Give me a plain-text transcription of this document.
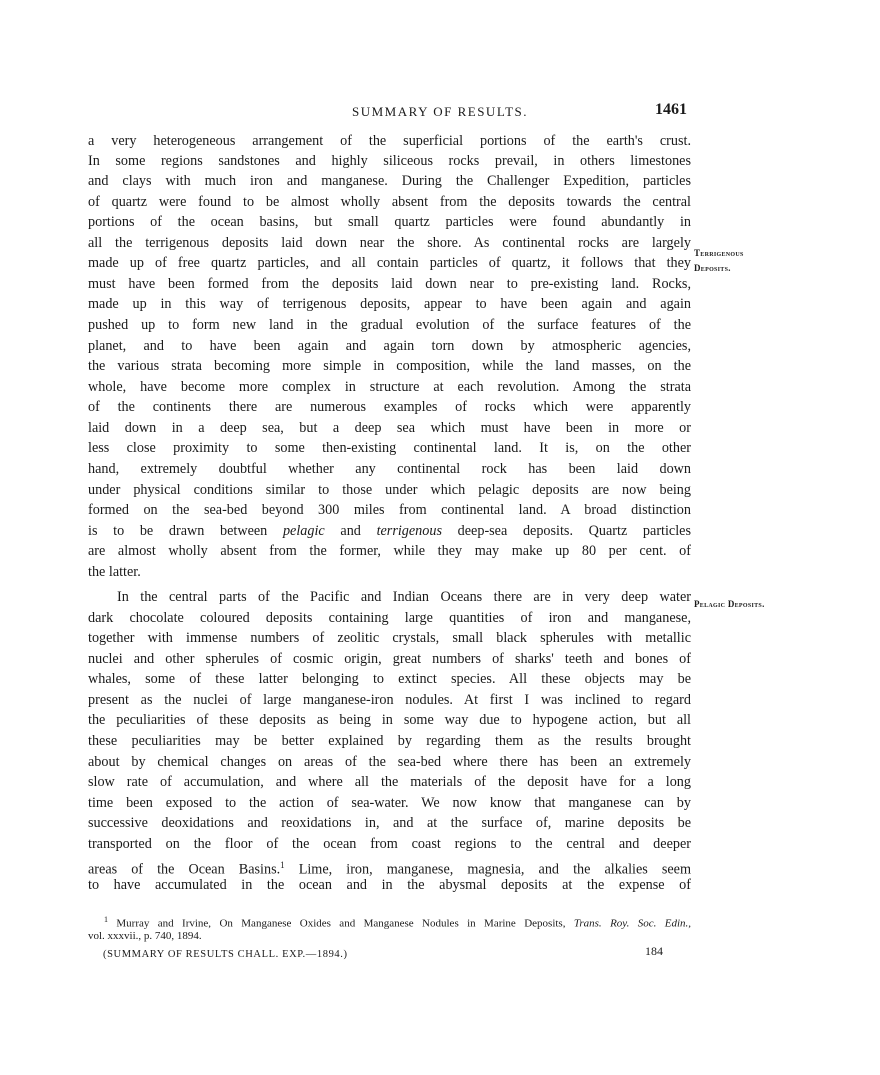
SUMMARY OF RESULTS.	1461
a very heterogeneous arrangement of the superficial portions of the earth's crust.
In some regions sandstones and highly siliceous rocks prevail, in others limestones
and clays with much iron and manganese. During the Challenger Expedition, particles
of quartz were found to be almost wholly absent from the deposits towards the central
portions of the ocean basins, but small quartz particles were found abundantly in
all the terrigenous deposits laid down near the shore. As continental rocks are largely
made up of free quartz particles, and all contain particles of quartz, it follows that they
must have been formed from the deposits laid down near to pre-existing land. Rocks,
made up in this way of terrigenous deposits, appear to have been again and again
pushed up to form new land in the gradual evolution of the surface features of the
planet, and to have been again and again torn down by atmospheric agencies,
the various strata becoming more simple in composition, while the land masses, on the
whole, have become more complex in structure at each revolution. Among the strata
of the continents there are numerous examples of rocks which were apparently
laid down in a deep sea, but a deep sea which must have been in more or
less close proximity to some then-existing continental land. It is, on the other
hand, extremely doubtful whether any continental rock has been laid down
under physical conditions similar to those under which pelagic deposits are now being
formed on the sea-bed beyond 300 miles from continental land. A broad distinction
is to be drawn between pelagic and terrigenous deep-sea deposits. Quartz particles
are almost wholly absent from the former, while they may make up 80 per cent. of
the latter.
In the central parts of the Pacific and Indian Oceans there are in very deep water
dark chocolate coloured deposits containing large quantities of iron and manganese,
together with immense numbers of zeolitic crystals, small black spherules with metallic
nuclei and other spherules of cosmic origin, great numbers of sharks' teeth and bones of
whales, some of these latter belonging to extinct species. All these objects may be
present as the nuclei of large manganese-iron nodules. At first I was inclined to regard
the peculiarities of these deposits as being in some way due to hypogene action, but all
these peculiarities may be better explained by regarding them as the results brought
about by chemical changes on areas of the sea-bed where there has been an extremely
slow rate of accumulation, and where all the materials of the deposit have for a long
time been exposed to the action of sea-water. We now know that manganese can by
successive deoxidations and reoxidations in, and at the surface of, marine deposits be
transported on the floor of the ocean from coast regions to the central and deeper
areas of the Ocean Basins.$^1$ Lime, iron, manganese, magnesia, and the alkalies seem
to have accumulated in the ocean and in the abysmal deposits at the expense of
Terrigenous
Deposits.
Pelagic Deposits.
$^1$ Murray and Irvine, On Manganese Oxides and Manganese Nodules in Marine Deposits, Trans. Roy. Soc. Edin.,
vol. xxxvii., p. 740, 1894.
(SUMMARY OF RESULTS CHALL. EXP.—1894.)	184
